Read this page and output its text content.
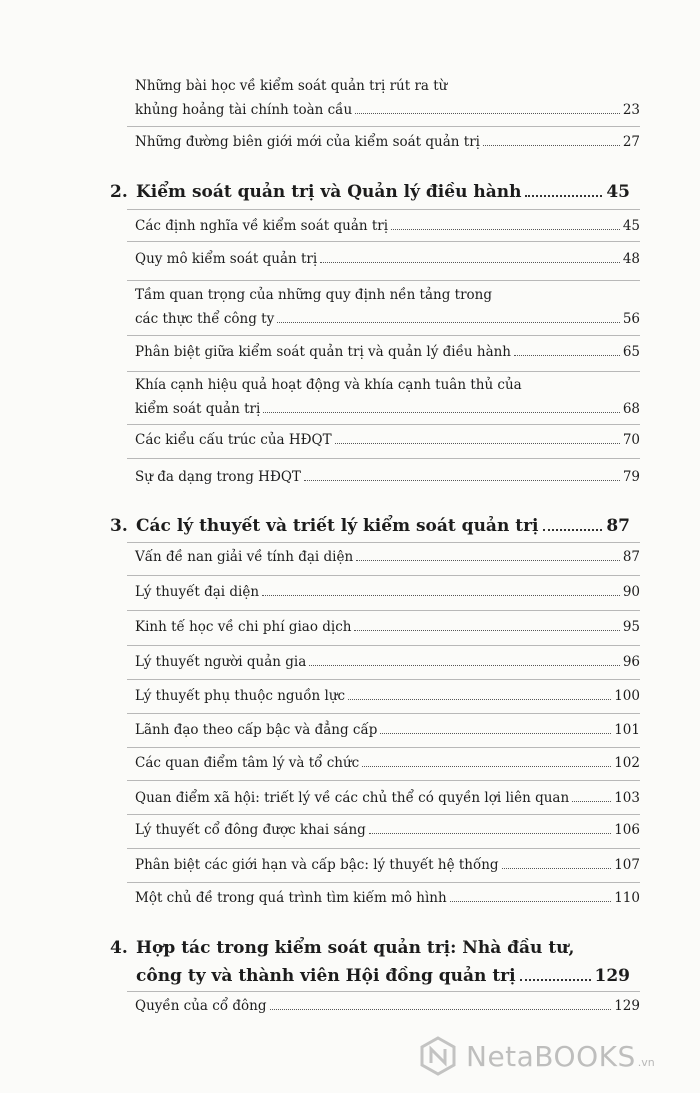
Những bài học về kiểm soát quản trị rút ra từ
khủng hoảng tài chính toàn cầu	23
Những đường biên giới mới của kiểm soát quản trị	27
2. Kiểm soát quản trị và Quản lý điều hành	45
Các định nghĩa về kiểm soát quản trị	45
Quy mô kiểm soát quản trị	48
Tầm quan trọng của những quy định nền tảng trong
các thực thể công ty	56
Phân biệt giữa kiểm soát quản trị và quản lý điều hành	65
Khía cạnh hiệu quả hoạt động và khía cạnh tuân thủ của
kiểm soát quản trị	68
Các kiểu cấu trúc của HĐQT	70
Sự đa dạng trong HĐQT	79
3. Các lý thuyết và triết lý kiểm soát quản trị	87
Vấn đề nan giải về tính đại diện	87
Lý thuyết đại diện	90
Kinh tế học về chi phí giao dịch	95
Lý thuyết người quản gia	96
Lý thuyết phụ thuộc nguồn lực	100
Lãnh đạo theo cấp bậc và đẳng cấp	101
Các quan điểm tâm lý và tổ chức	102
Quan điểm xã hội: triết lý về các chủ thể có quyền lợi liên quan	103
Lý thuyết cổ đông được khai sáng	106
Phân biệt các giới hạn và cấp bậc: lý thuyết hệ thống	107
Một chủ đề trong quá trình tìm kiếm mô hình	110
4. Hợp tác trong kiểm soát quản trị: Nhà đầu tư,
công ty và thành viên Hội đồng quản trị	129
Quyền của cổ đông	129
NetaBOOKS .vn
